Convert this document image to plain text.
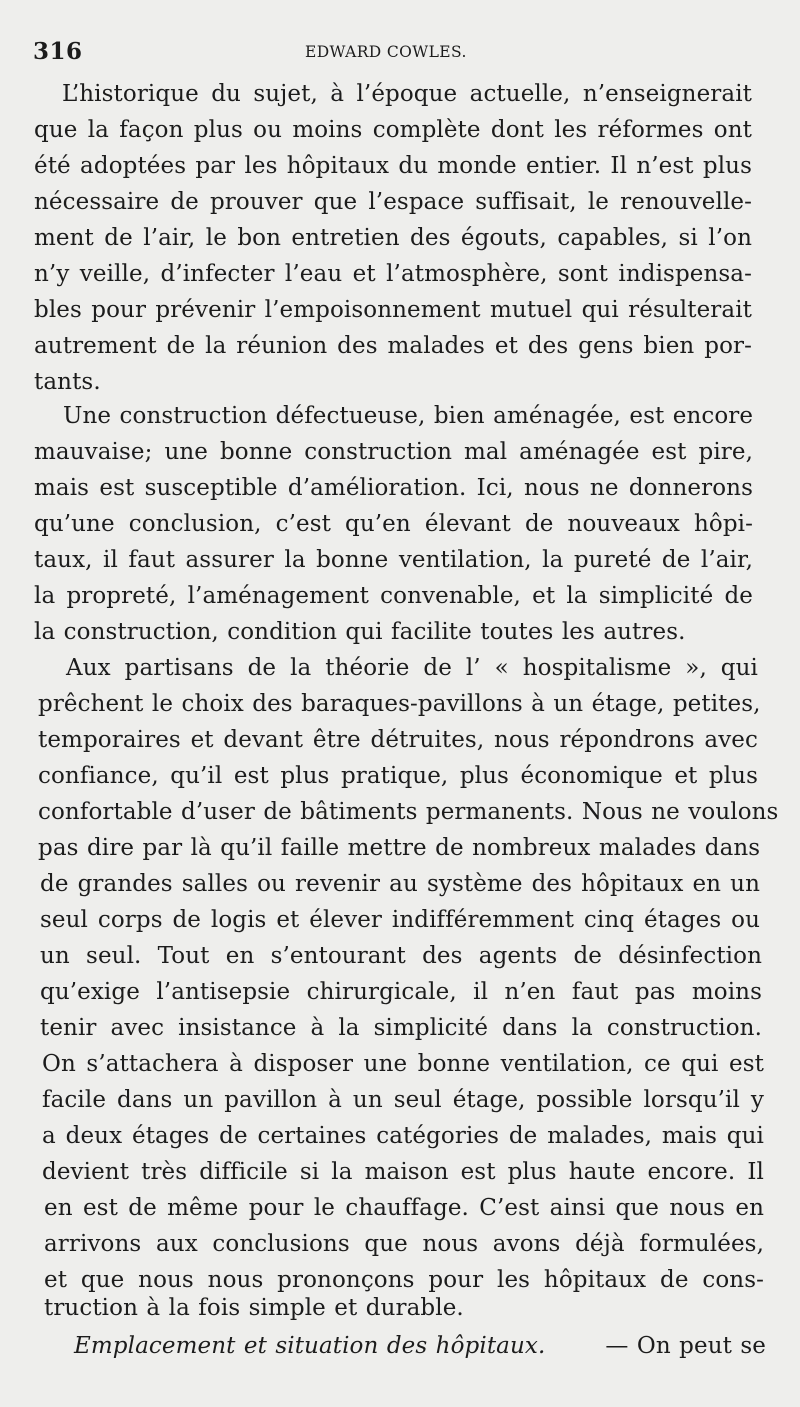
316	EDWARD COWLES.
L’historique du sujet, à l’époque actuelle, n’enseignerait
que la façon plus ou moins complète dont les réformes ont
été adoptées par les hôpitaux du monde entier. Il n’est plus
nécessaire de prouver que l’espace suffisait, le renouvelle-
ment de l’air, le bon entretien des égouts, capables, si l’on
n’y veille, d’infecter l’eau et l’atmosphère, sont indispensa-
bles pour prévenir l’empoisonnement mutuel qui résulterait
autrement de la réunion des malades et des gens bien por-
tants.
Une construction défectueuse, bien aménagée, est encore
mauvaise; une bonne construction mal aménagée est pire,
mais est susceptible d’amélioration. Ici, nous ne donnerons
qu’une conclusion, c’est qu’en élevant de nouveaux hôpi-
taux, il faut assurer la bonne ventilation, la pureté de l’air,
la propreté, l’aménagement convenable, et la simplicité de
la construction, condition qui facilite toutes les autres.
Aux partisans de la théorie de l’ « hospitalisme », qui
prêchent le choix des baraques-pavillons à un étage, petites,
temporaires et devant être détruites, nous répondrons avec
confiance, qu’il est plus pratique, plus économique et plus
confortable d’user de bâtiments permanents. Nous ne voulons
pas dire par là qu’il faille mettre de nombreux malades dans
de grandes salles ou revenir au système des hôpitaux en un
seul corps de logis et élever indifféremment cinq étages ou
un seul. Tout en s’entourant des agents de désinfection
qu’exige l’antisepsie chirurgicale, il n’en faut pas moins
tenir avec insistance à la simplicité dans la construction.
On s’attachera à disposer une bonne ventilation, ce qui est
facile dans un pavillon à un seul étage, possible lorsqu’il y
a deux étages de certaines catégories de malades, mais qui
devient très difficile si la maison est plus haute encore. Il
en est de même pour le chauffage. C’est ainsi que nous en
arrivons aux conclusions que nous avons déjà formulées,
et que nous nous prononçons pour les hôpitaux de cons-
truction à la fois simple et durable.
Emplacement et situation des hôpitaux.	— On peut se
